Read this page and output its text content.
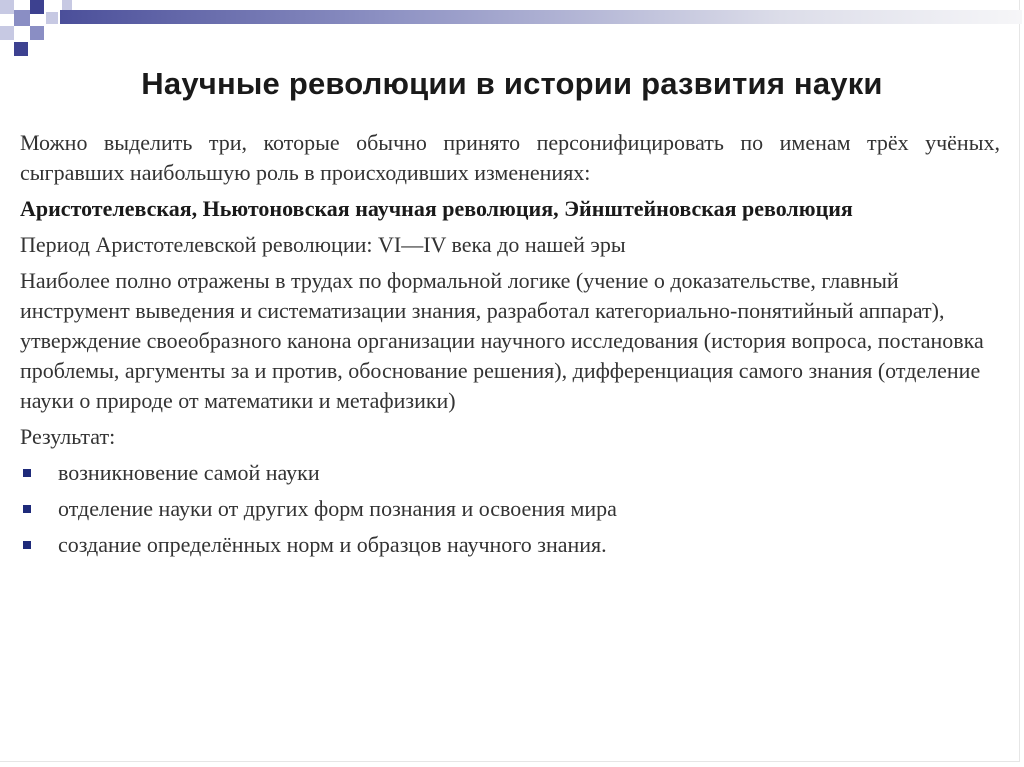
Научные революции в истории развития науки

Можно выделить три, которые обычно принято персонифицировать по именам трёх учёных, сыгравших наибольшую роль в происходивших изменениях:

Аристотелевская, Ньютоновская научная революция, Эйнштейновская революция

Период Аристотелевской революции: VI—IV века до нашей эры

Наиболее полно отражены в трудах по формальной логике (учение о доказательстве, главный инструмент выведения и систематизации знания, разработал категориально-понятийный аппарат), утверждение своеобразного канона организации научного исследования (история вопроса, постановка проблемы, аргументы за и против, обоснование решения), дифференциация самого знания (отделение науки о природе от математики и метафизики)

Результат:

возникновение самой науки
отделение науки от других форм познания и освоения мира
создание определённых норм и образцов научного знания.
